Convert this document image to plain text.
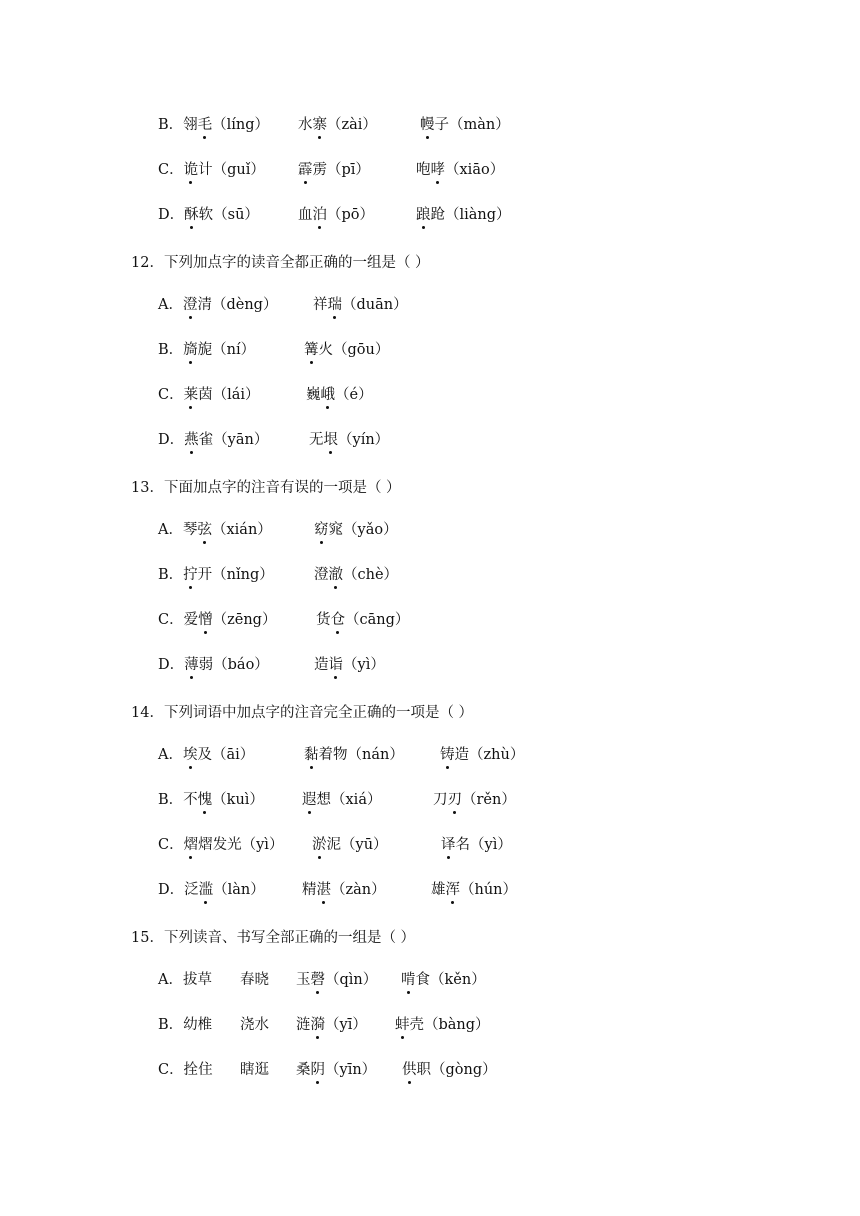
B．翎毛（líng） 水寨（zài）	幔子（màn）
C．诡计（guǐ） 霹雳（pī）	咆哮（xiāo）
D．酥软（sū）	血泊（pō）	踉跄（liàng）
12．下列加点字的读音全都正确的一组是（ ）
A．澄清（dèng） 祥瑞（duān）
B．旖旎（ní）	篝火（gōu）
C．莱茵（lái）	巍峨（é）
D．燕雀（yān）	无垠（yín）
13．下面加点字的注音有误的一项是（ ）
A．琴弦（xián）	窈窕（yǎo）
B．拧开（nǐng）	澄澈（chè）
C．爱憎（zēng）	货仓（cāng）
D．薄弱（báo）	造诣（yì）
14．下列词语中加点字的注音完全正确的一项是（ ）
A．埃及（āi）	黏着物（nán） 铸造（zhù）
B．不愧（kuì）	遐想（xiá）	刀刃（rěn）
C．熠熠发光（yì） 淤泥（yū）	译名（yì）
D．泛滥（làn）	精湛（zàn）	雄浑（hún）
15．下列读音、书写全部正确的一组是（ ）
A．拔草 春晓 玉磬（qìn） 啃食（kěn）
B．幼椎 浇水 涟漪（yī） 蚌壳（bàng）
C．拴住 瞎逛 桑阴（yīn） 供职（gòng）
